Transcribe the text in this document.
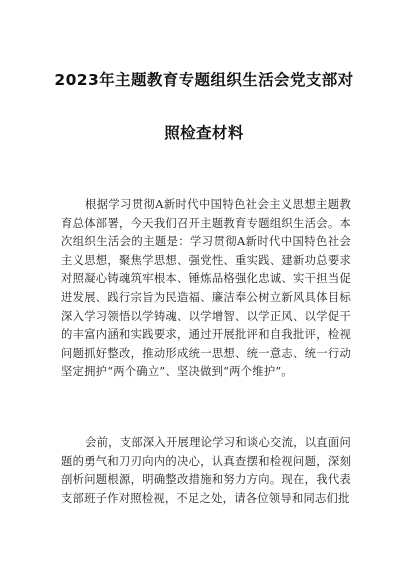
2023年主题教育专题组织生活会党支部对
照检查材料
根据学习贯彻A新时代中国特色社会主义思想主题教育总体部署，今天我们召开主题教育专题组织生活会。本次组织生活会的主题是：学习贯彻A新时代中国特色社会主义思想，聚焦学思想、强党性、重实践、建新功总要求对照凝心铸魂筑牢根本、锤炼品格强化忠诚、实干担当促进发展、践行宗旨为民造福、廉洁奉公树立新风具体目标深入学习领悟以学铸魂、以学增智、以学正风、以学促干的丰富内涵和实践要求，通过开展批评和自我批评，检视问题抓好整改，推动形成统一思想、统一意志、统一行动坚定拥护“两个确立”、坚决做到“两个维护”。
会前，支部深入开展理论学习和谈心交流，以直面问题的勇气和刀刃向内的决心，认真查摆和检视问题，深刻剖析问题根源，明确整改措施和努力方向。现在，我代表支部班子作对照检视，不足之处，请各位领导和同志们批
